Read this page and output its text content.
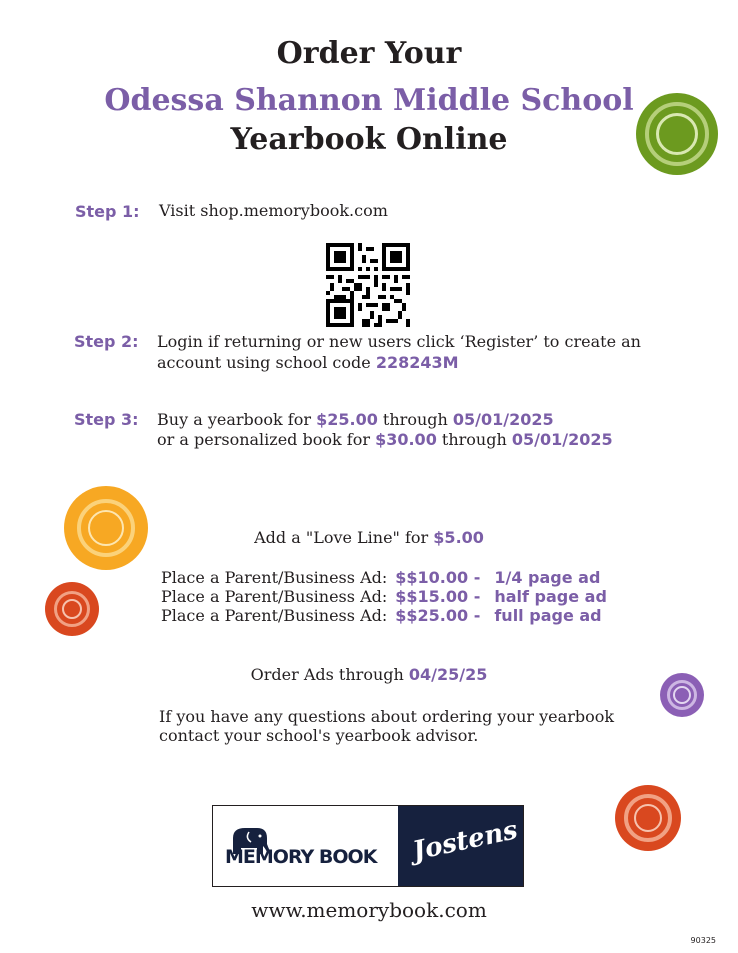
Order Your
Odessa Shannon Middle School
Yearbook Online
Step 1: Visit shop.memorybook.com
Step 2: Login if returning or new users click ‘Register’ to create an
account using school code 228243M
Step 3: Buy a yearbook for $25.00 through 05/01/2025
or a personalized book for $30.00 through 05/01/2025
Add a "Love Line" for $5.00
Place a Parent/Business Ad:	$$10.00 -	1/4 page ad
Place a Parent/Business Ad:	$$15.00 -	half page ad
Place a Parent/Business Ad:	$$25.00 -	full page ad
Order Ads through 04/25/25
If you have any questions about ordering your yearbook
contact your school's yearbook advisor.
MEMORY BOOK Jostens
www.memorybook.com
90325
